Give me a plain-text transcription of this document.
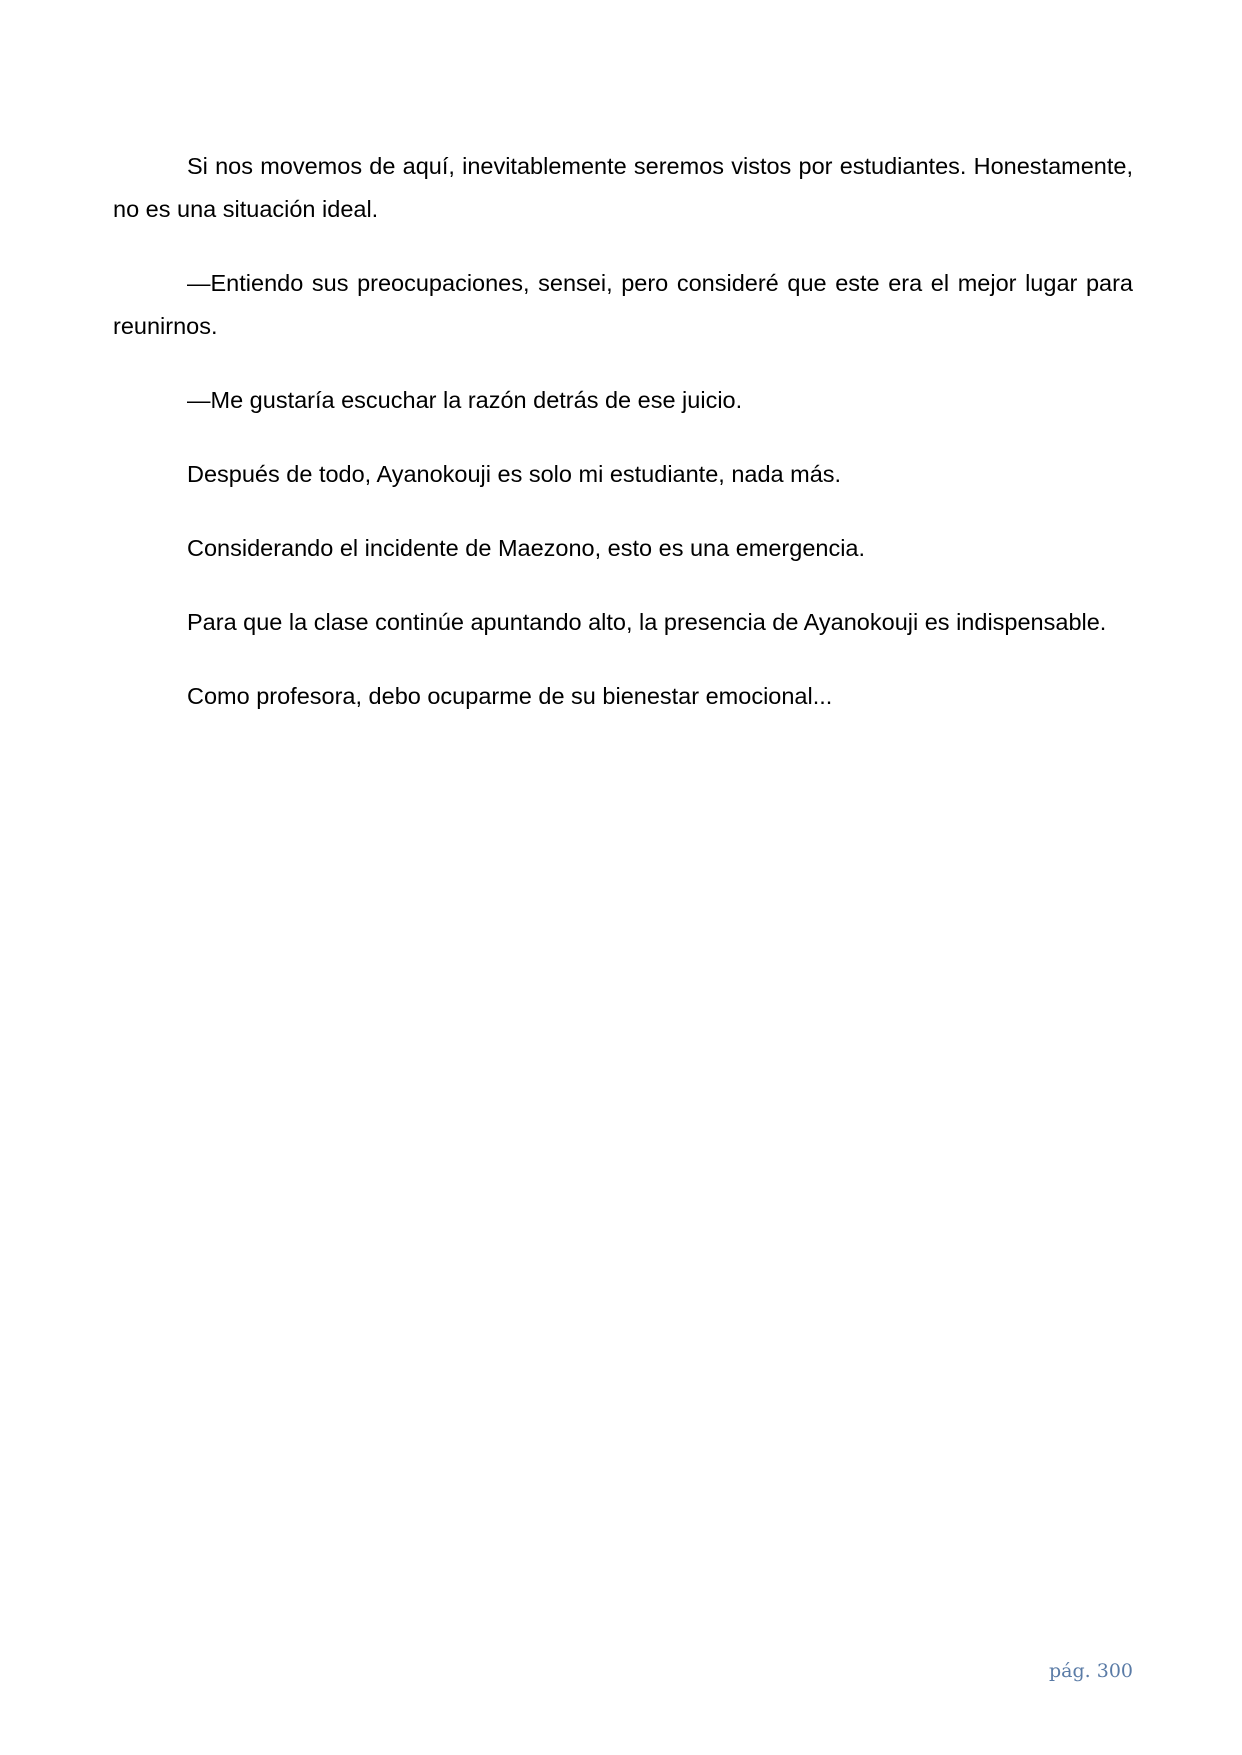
Si nos movemos de aquí, inevitablemente seremos vistos por estudiantes. Honestamente, no es una situación ideal.

—Entiendo sus preocupaciones, sensei, pero consideré que este era el mejor lugar para reunirnos.

—Me gustaría escuchar la razón detrás de ese juicio.

Después de todo, Ayanokouji es solo mi estudiante, nada más.

Considerando el incidente de Maezono, esto es una emergencia.

Para que la clase continúe apuntando alto, la presencia de Ayanokouji es indispensable.

Como profesora, debo ocuparme de su bienestar emocional...

pág. 300
